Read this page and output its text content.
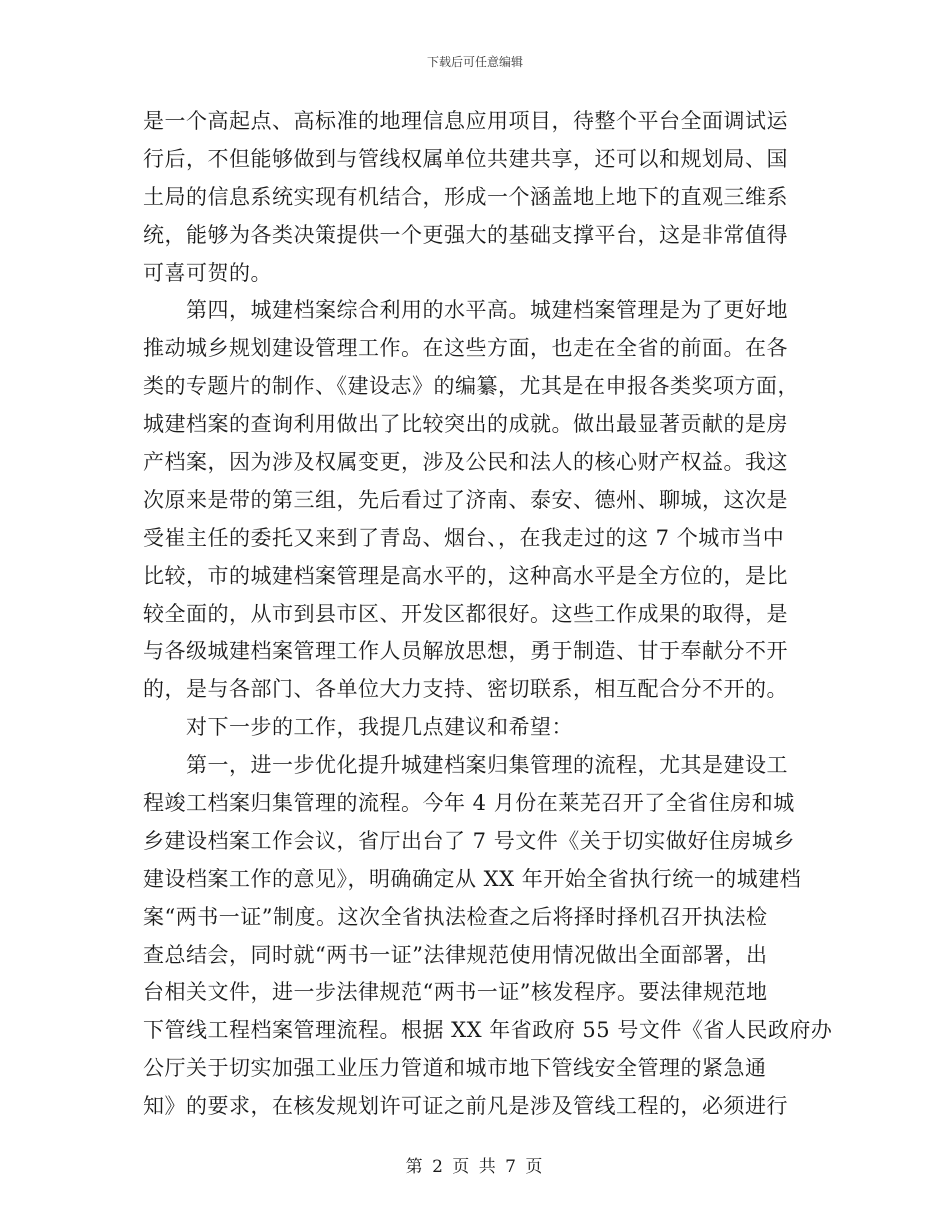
下载后可任意编辑
是一个高起点、高标准的地理信息应用项目，待整个平台全面调试运
行后，不但能够做到与管线权属单位共建共享，还可以和规划局、国
土局的信息系统实现有机结合，形成一个涵盖地上地下的直观三维系
统，能够为各类决策提供一个更强大的基础支撑平台，这是非常值得
可喜可贺的。
　　第四，城建档案综合利用的水平高。城建档案管理是为了更好地
推动城乡规划建设管理工作。在这些方面，也走在全省的前面。在各
类的专题片的制作、《建设志》的编纂，尤其是在申报各类奖项方面，
城建档案的查询利用做出了比较突出的成就。做出最显著贡献的是房
产档案，因为涉及权属变更，涉及公民和法人的核心财产权益。我这
次原来是带的第三组，先后看过了济南、泰安、德州、聊城，这次是
受崔主任的委托又来到了青岛、烟台、，在我走过的这 7 个城市当中
比较，市的城建档案管理是高水平的，这种高水平是全方位的，是比
较全面的，从市到县市区、开发区都很好。这些工作成果的取得，是
与各级城建档案管理工作人员解放思想，勇于制造、甘于奉献分不开
的，是与各部门、各单位大力支持、密切联系，相互配合分不开的。
　　对下一步的工作，我提几点建议和希望：
　　第一，进一步优化提升城建档案归集管理的流程，尤其是建设工
程竣工档案归集管理的流程。今年 4 月份在莱芜召开了全省住房和城
乡建设档案工作会议，省厅出台了 7 号文件《关于切实做好住房城乡
建设档案工作的意见》，明确确定从 XX 年开始全省执行统一的城建档
案“两书一证”制度。这次全省执法检查之后将择时择机召开执法检
查总结会，同时就“两书一证”法律规范使用情况做出全面部署，出
台相关文件，进一步法律规范“两书一证”核发程序。要法律规范地
下管线工程档案管理流程。根据 XX 年省政府 55 号文件《省人民政府办
公厅关于切实加强工业压力管道和城市地下管线安全管理的紧急通
知》的要求，在核发规划许可证之前凡是涉及管线工程的，必须进行
第 2 页 共 7 页
